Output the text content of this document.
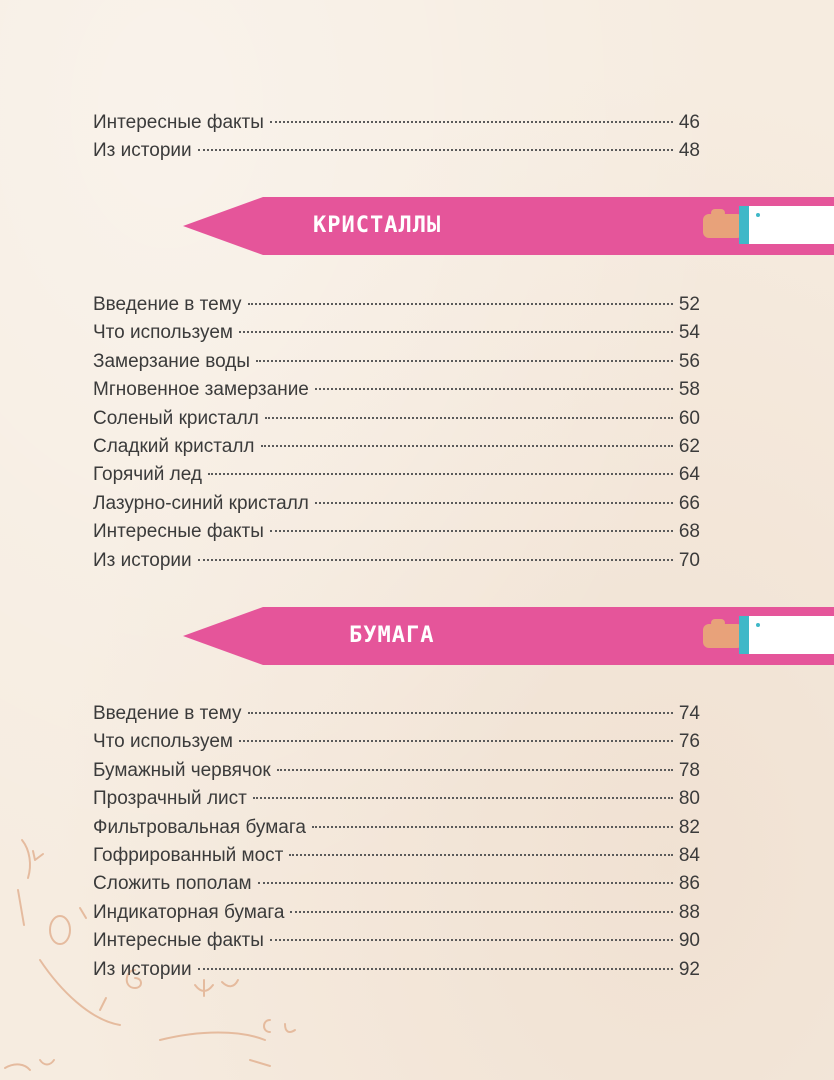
Интересные факты	46
Из истории	48
КРИСТАЛЛЫ
Введение в тему	52
Что используем	54
Замерзание воды	56
Мгновенное замерзание	58
Соленый кристалл	60
Сладкий кристалл	62
Горячий лед	64
Лазурно-синий кристалл	66
Интересные факты	68
Из истории	70
БУМАГА
Введение в тему	74
Что используем	76
Бумажный червячок	78
Прозрачный лист	80
Фильтровальная бумага	82
Гофрированный мост	84
Сложить пополам	86
Индикаторная бумага	88
Интересные факты	90
Из истории	92
